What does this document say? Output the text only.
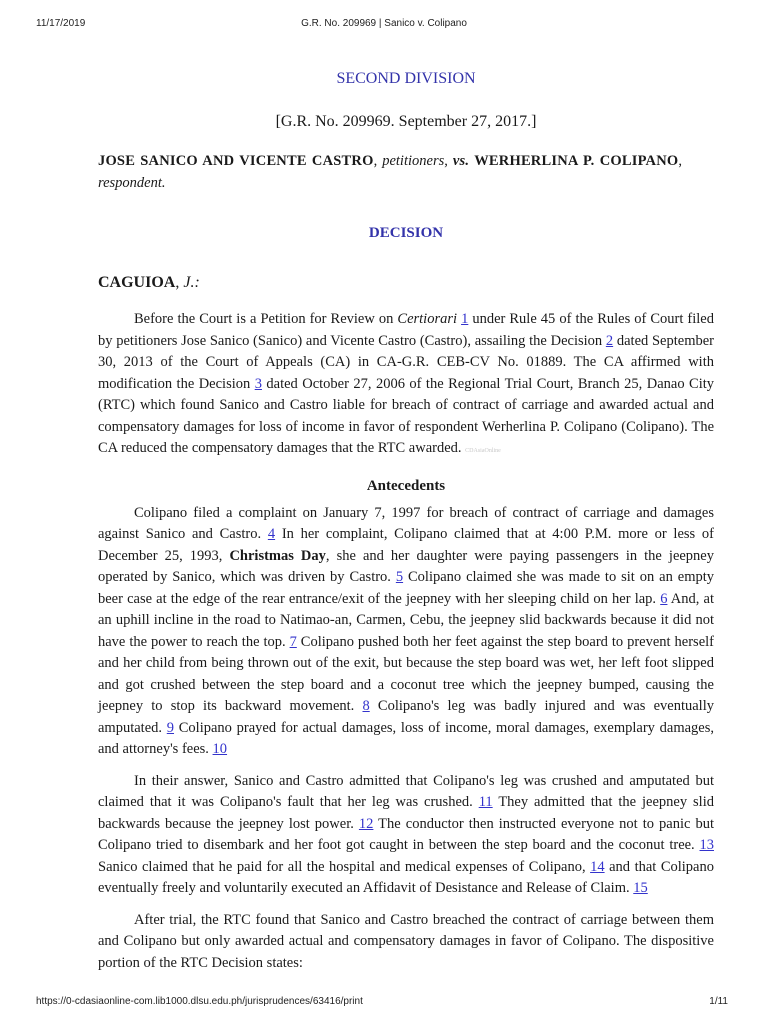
11/17/2019	G.R. No. 209969 | Sanico v. Colipano
SECOND DIVISION
[G.R. No. 209969. September 27, 2017.]
JOSE SANICO AND VICENTE CASTRO, petitioners, vs. WERHERLINA P. COLIPANO, respondent.
DECISION
CAGUIOA, J.:

Before the Court is a Petition for Review on Certiorari 1 under Rule 45 of the Rules of Court filed by petitioners Jose Sanico (Sanico) and Vicente Castro (Castro), assailing the Decision 2 dated September 30, 2013 of the Court of Appeals (CA) in CA-G.R. CEB-CV No. 01889. The CA affirmed with modification the Decision 3 dated October 27, 2006 of the Regional Trial Court, Branch 25, Danao City (RTC) which found Sanico and Castro liable for breach of contract of carriage and awarded actual and compensatory damages for loss of income in favor of respondent Werherlina P. Colipano (Colipano). The CA reduced the compensatory damages that the RTC awarded. CDAsiaOnline

Antecedents

Colipano filed a complaint on January 7, 1997 for breach of contract of carriage and damages against Sanico and Castro. 4 In her complaint, Colipano claimed that at 4:00 P.M. more or less of December 25, 1993, Christmas Day, she and her daughter were paying passengers in the jeepney operated by Sanico, which was driven by Castro. 5 Colipano claimed she was made to sit on an empty beer case at the edge of the rear entrance/exit of the jeepney with her sleeping child on her lap. 6 And, at an uphill incline in the road to Natimao-an, Carmen, Cebu, the jeepney slid backwards because it did not have the power to reach the top. 7 Colipano pushed both her feet against the step board to prevent herself and her child from being thrown out of the exit, but because the step board was wet, her left foot slipped and got crushed between the step board and a coconut tree which the jeepney bumped, causing the jeepney to stop its backward movement. 8 Colipano's leg was badly injured and was eventually amputated. 9 Colipano prayed for actual damages, loss of income, moral damages, exemplary damages, and attorney's fees. 10

In their answer, Sanico and Castro admitted that Colipano's leg was crushed and amputated but claimed that it was Colipano's fault that her leg was crushed. 11 They admitted that the jeepney slid backwards because the jeepney lost power. 12 The conductor then instructed everyone not to panic but Colipano tried to disembark and her foot got caught in between the step board and the coconut tree. 13 Sanico claimed that he paid for all the hospital and medical expenses of Colipano, 14 and that Colipano eventually freely and voluntarily executed an Affidavit of Desistance and Release of Claim. 15

After trial, the RTC found that Sanico and Castro breached the contract of carriage between them and Colipano but only awarded actual and compensatory damages in favor of Colipano. The dispositive portion of the RTC Decision states:

https://0-cdasiaonline-com.lib1000.dlsu.edu.ph/jurisprudences/63416/print	1/11
